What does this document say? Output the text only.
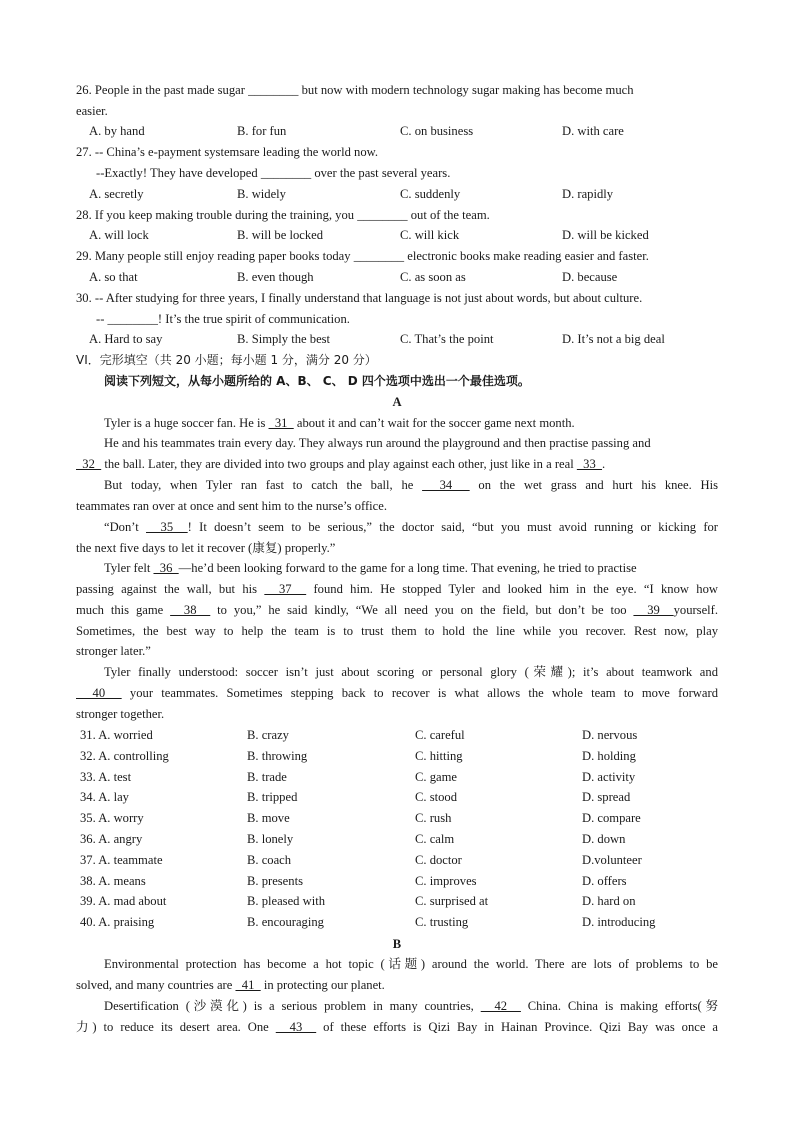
26. People in the past made sugar ________ but now with modern technology sugar making has become much
easier.
A. by hand	B. for fun	C. on business	D. with care
27. -- China’s e-payment systemsare leading the world now.
--Exactly! They have developed ________ over the past several years.
A. secretly	B. widely	C. suddenly	D. rapidly
28. If you keep making trouble during the training, you ________ out of the team.
A. will lock	B. will be locked	C. will kick	D. will be kicked
29. Many people still enjoy reading paper books today ________ electronic books make reading easier and faster.
A. so that	B. even though	C. as soon as	D. because
30. -- After studying for three years, I finally understand that language is not just about words, but about culture.
-- ________! It’s the true spirit of communication.
A. Hard to say	B. Simply the best	C. That’s the point	D. It’s not a big deal
VI．完形填空（共 20 小题；每小题 1 分，满分 20 分）
阅读下列短文，从每小题所给的 A、B、 C、 D 四个选项中选出一个最佳选项。
A
Tyler is a huge soccer fan. He is   31   about it and can’t wait for the soccer game next month.
He and his teammates train every day. They always run around the playground and then practise passing and
32   the ball. Later, they are divided into two groups and play against each other, just like in a real   33  .
But today, when Tyler ran fast to catch the ball, he   34   on the wet grass and hurt his knee. His
teammates ran over at once and sent him to the nurse’s office.
“Don’t   35  ! It doesn’t seem to be serious,” the doctor said, “but you must avoid running or kicking for
the next five days to let it recover (康复) properly.”
Tyler felt   36  —he’d been looking forward to the game for a long time. That evening, he tried to practise
passing against the wall, but his   37   found him. He stopped Tyler and looked him in the eye. “I know how
much this game   38   to you,” he said kindly, “We all need you on the field, but don’t be too   39  yourself.
Sometimes, the best way to help the team is to trust them to hold the line while you recover. Rest now, play
stronger later.”
Tyler finally understood: soccer isn’t just about scoring or personal glory (荣耀); it’s about teamwork and
40   your teammates. Sometimes stepping back to recover is what allows the whole team to move forward
stronger together.
31. A. worried	B. crazy	C. careful	D. nervous
32. A. controlling	B. throwing	C. hitting	D. holding
33. A. test	B. trade	C. game	D. activity
34. A. lay	B. tripped	C. stood	D. spread
35. A. worry	B. move	C. rush	D. compare
36. A. angry	B. lonely	C. calm	D. down
37. A. teammate	B. coach	C. doctor	D.volunteer
38. A. means	B. presents	C. improves	D. offers
39. A. mad about	B. pleased with	C. surprised at	D. hard on
40. A. praising	B. encouraging	C. trusting	D. introducing
B
Environmental protection has become a hot topic (话题) around the world. There are lots of problems to be
solved, and many countries are   41   in protecting our planet.
Desertification (沙漠化) is a serious problem in many countries,   42   China. China is making efforts(努
力) to reduce its desert area. One   43   of these efforts is Qizi Bay in Hainan Province. Qizi Bay was once a
